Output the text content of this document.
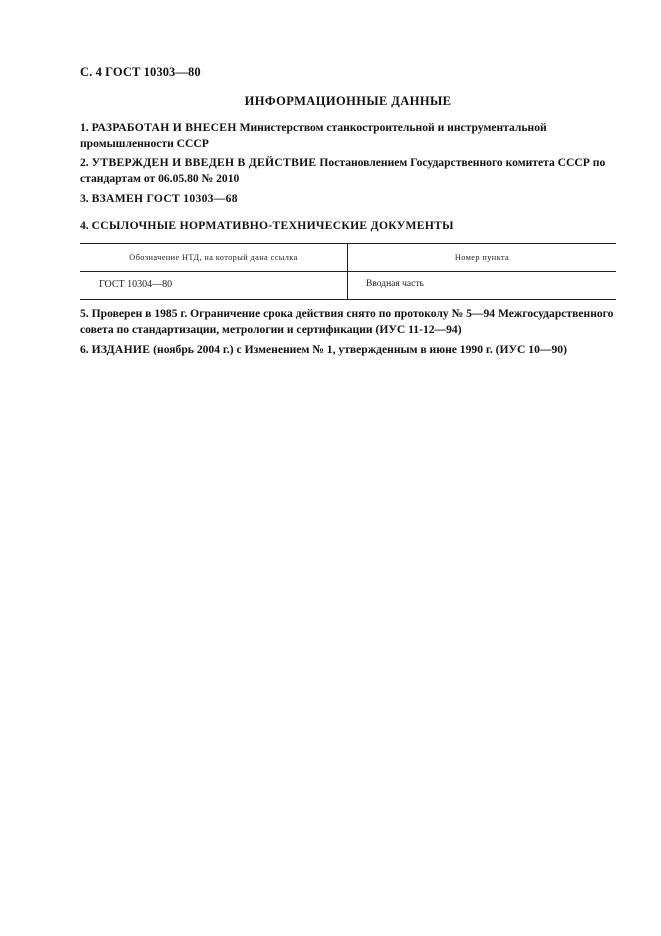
С. 4 ГОСТ 10303—80
ИНФОРМАЦИОННЫЕ ДАННЫЕ
1. РАЗРАБОТАН И ВНЕСЕН Министерством станкостроительной и инструментальной промышленности СССР
2. УТВЕРЖДЕН И ВВЕДЕН В ДЕЙСТВИЕ Постановлением Государственного комитета СССР по стандартам от 06.05.80 № 2010
3. ВЗАМЕН ГОСТ 10303—68
4. ССЫЛОЧНЫЕ НОРМАТИВНО-ТЕХНИЧЕСКИЕ ДОКУМЕНТЫ
Обозначение НТД, на который дана ссылка	Номер пункта
ГОСТ 10304—80	Вводная часть
5. Проверен в 1985 г. Ограничение срока действия снято по протоколу № 5—94 Межгосударственного совета по стандартизации, метрологии и сертификации (ИУС 11-12—94)
6. ИЗДАНИЕ (ноябрь 2004 г.) с Изменением № 1, утвержденным в июне 1990 г. (ИУС 10—90)
